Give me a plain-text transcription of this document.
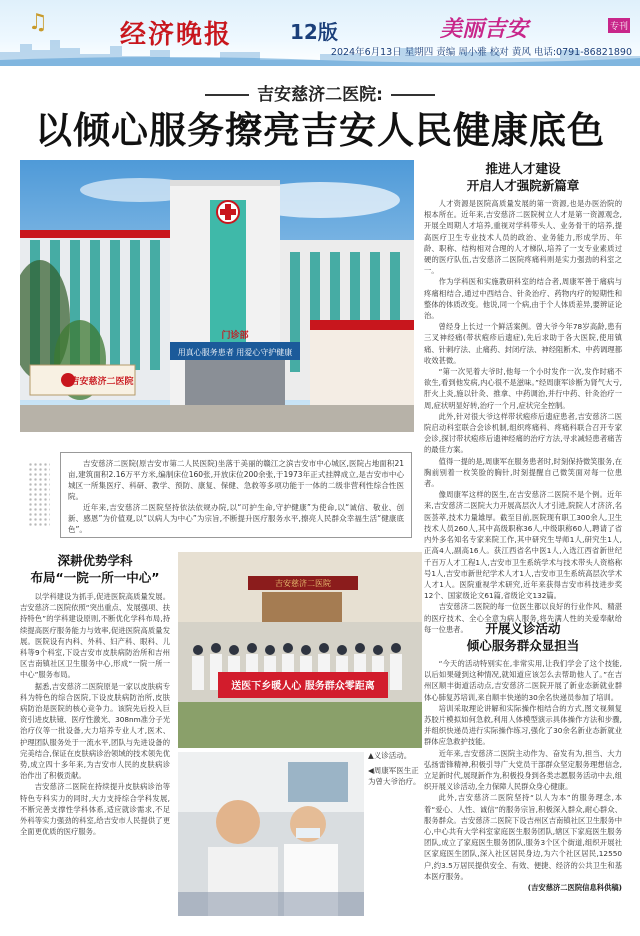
♫	经济晚报	12版	美丽吉安	专刊
2024年6月13日 星期四 责编 周小雅 校对 黄风 电话:0791-86821890
吉安慈济二医院:
以倾心服务擦亮吉安人民健康底色
用真心服务患者 用爱心守护健康
门诊部
吉安慈济二医院

吉安慈济二医院(原吉安市第二人民医院)坐落于美丽的赣江之滨吉安市中心城区,医院占地面积21亩,建筑面积2.16万平方米,编制床位160张,开放床位200余张,于1973年正式挂牌成立,是吉安市中心城区一所集医疗、科研、教学、预防、康复、保健、急救等多项功能于一体的二级非营利性综合性医院。

近年来,吉安慈济二医院坚持依法依规办院,以“可护生命,守护健康”为使命,以“诚信、敬业、创新、感恩”为价值观,以“以病人为中心”为宗旨,不断提升医疗服务水平,擦亮人民群众幸福生活“健康底色”。

推进人才建设
开启人才强院新篇章

人才资源是医院高质量发展的第一资源,也是办医治院的根本所在。近年来,吉安慈济二医院树立人才是第一资源观念,开展全周期人才培养,重视对学科带头人、业务骨干的培养,提高医疗卫生专业技术人员的政治、业务能力,形成学历、年龄、职称、结构相对合理的人才梯队,培养了一支专业素质过硬的医疗队伍,吉安慈济二医院疼痛科则是实力强劲的科室之一。

作为学科医和实施教研科室的结合者,周康军善于痛病与疼痛相结合,通过中西结合、针灸治疗、药物内疗的短期性和整体的体质改变。他说,同一个病,由于个人体质差异,要辨证论治。

曾经身上长过一个鲜活案例。曾大爷今年78岁高龄,患有三叉神经痛(带状疱疹后遗症),先后求助于各大医院,使用镇痛、针刺疗法、止痛药、封闭疗法、神经阻断术、中药调理都收效甚微。

“第一次见着大爷时,他每一个小时发作一次,发作时痛不欲生,看到他发病,内心很不是滋味。”经周康军诊断为肾气大亏,肝火上炎,施以针灸、推拿、中药调治,并行中药、针灸治疗一周,症状明显好转,治疗一个月,症状完全控制。

此外,针对很大爷这样带状疱疹后遗症患者,吉安慈济二医院启动科室联合会诊机制,组织疼痛科、疼痛科联合召开专家会诊,探讨带状疱疹后遗神经痛的治疗方法,寻求减轻患者痛苦的最佳方案。

值得一提的是,周康军在服务患者时,时刻保持微笑服务,在胸前别着一枚笑脸的胸针,时刻提醒自己微笑面对每一位患者。

像周康军这样的医生,在吉安慈济二医院不是个例。近年来,吉安慈济二医院大力开展高层次人才引进,院院人才济济,名医荟萃,技术力量雄厚。截至目前,医院现有职工300余人,卫生技术人员260人,其中高级职称36人,中级职称60人,聘请了省内外多名知名专家来院工作,其中研究生导师1人,研究生1人,正高4人,副高16人。获江西省名中医1人,入选江西省新世纪千百万人才工程1人,吉安市卫生系统学术与技术带头人资格称号1人,吉安市新世纪学术人才1人,吉安市卫生系统高层次学术人才1人。医院重视学术研究,近年来获得吉安市科技进步奖12个、国家级论文61篇,省级论文132篇。

吉安慈济二医院的每一位医生都以良好的行业作风、精湛的医疗技术、全心全意为病人服务,将先满人性的关爱奉献给每一位患者。

深耕优势学科
布局“一院一所一中心”

以学科建设为抓手,促进医院高质量发展。吉安慈济二医院依照“突出重点、发展强项、扶持特色”的学科建设原则,不断优化学科布局,持续提高医疗服务能力与效率,促进医院高质量发展。医院设有内科、外科、妇产科、眼科、儿科等9个科室,下设吉安市皮肤病防治所和吉州区吉南镇社区卫生服务中心,形成“一院一所一中心”服务布局。

据悉,吉安慈济二医院原是一家以皮肤病专科为特色的综合医院,下设皮肤病防治所,皮肤病防治是医院的核心竞争力。该院先后投入巨资引进皮肤镜、医疗性激光、308nm准分子光治疗仪等一批设备,大力培养专业人才,医术、护理团队服务处于一流水平,团队与先进设备的完美结合,保证在皮肤病诊治领域的技术领先优势,成立四十多年来,为吉安市人民的皮肤病诊治作出了积极贡献。

吉安慈济二医院在持续提升皮肤病诊治等特色专科实力的同时,大力支持综合学科发展,不断完善支撑性学科体系,适应就诊需求,不足外科等实力强劲的科室,给吉安市人民提供了更全面更优质的医疗服务。

吉安慈济二医院
送医下乡暖人心 服务群众零距离
▲义诊活动。
◀周康军医生正为曾大爷治疗。
开展义诊活动
倾心服务群众显担当

“今天的活动特别实在,非常实用,让我们学会了这个技能,以后如果碰到这种情况,就知道应该怎么去帮助他人了。”在吉州区顺丰街道活动点,吉安慈济二医院开展了新业态新就业群体心肺复苏培训,来自顺丰快递的30余名快递员参加了培训。

培训采取理论讲解和实际操作相结合的方式,图文视频复苏胶片模拟如何急救,利用人体模型演示具体操作方法和步骤,并组织快递员进行实际操作练习,强化了30余名新业态新就业群体应急救护技能。

近年来,吉安慈济二医院主动作为、奋发有为,担当、大力弘扬雷锋精神,积极引导广大党员干部群众坚定服务理想信念,立足新时代,展现新作为,积极投身到各类志愿服务活动中去,组织开展义诊活动,全力保障人民群众身心健康。

此外,吉安慈济二医院坚持“以人为本”的服务理念,本着“爱心、人性、诚信”的服务宗旨,积极深入群众,耐心群众、服务群众。吉安慈济二医院下设吉州区吉南镇社区卫生服务中心,中心共有大学科室家庭医生服务团队,辖区下家庭医生服务团队,成立了家庭医生服务团队,服务3个区个街道,组织开展社区家庭医生团队,深入社区居民身边,为六个社区居民,12550户,约3.5万居民提供安全、有效、便捷、经济的公共卫生和基本医疗服务。

(吉安慈济二医院信息科供稿)
